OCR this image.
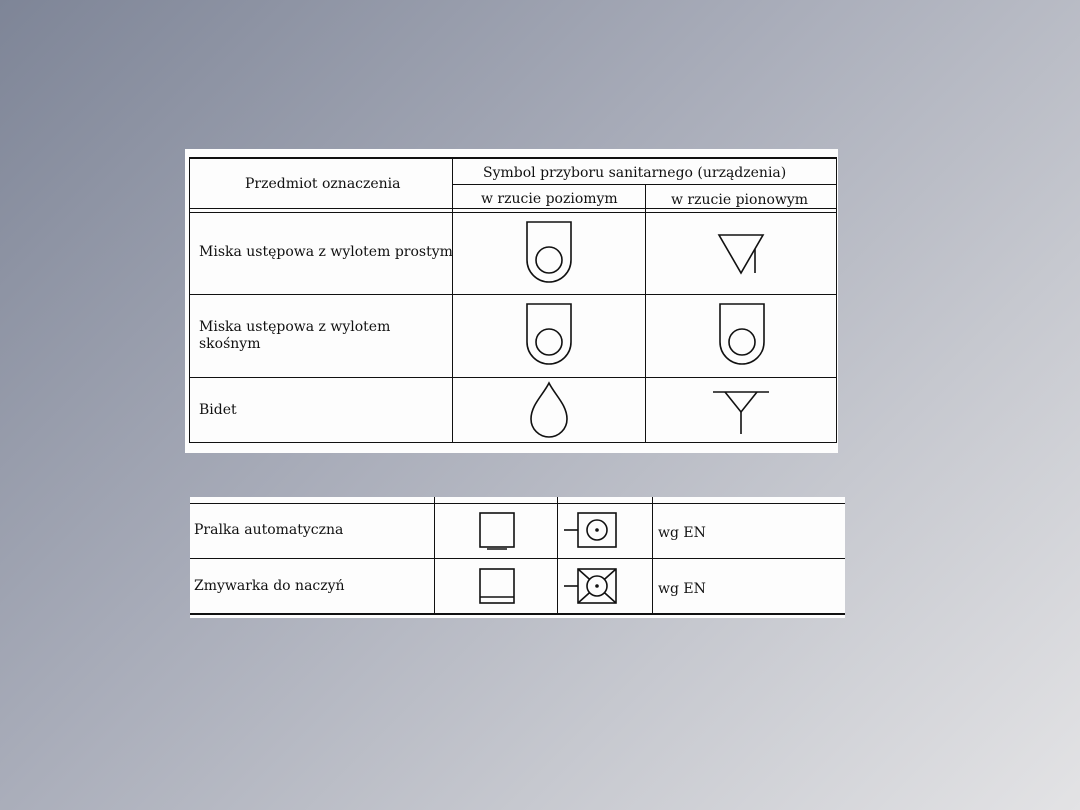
Przedmiot oznaczenia
Symbol przyboru sanitarnego (urządzenia)
w rzucie poziomym	w rzucie pionowym
Miska ustępowa z wylotem prostym
Miska ustępowa z wylotem
skośnym
Bidet
Pralka automatyczna	wg EN
Zmywarka do naczyń	wg EN
